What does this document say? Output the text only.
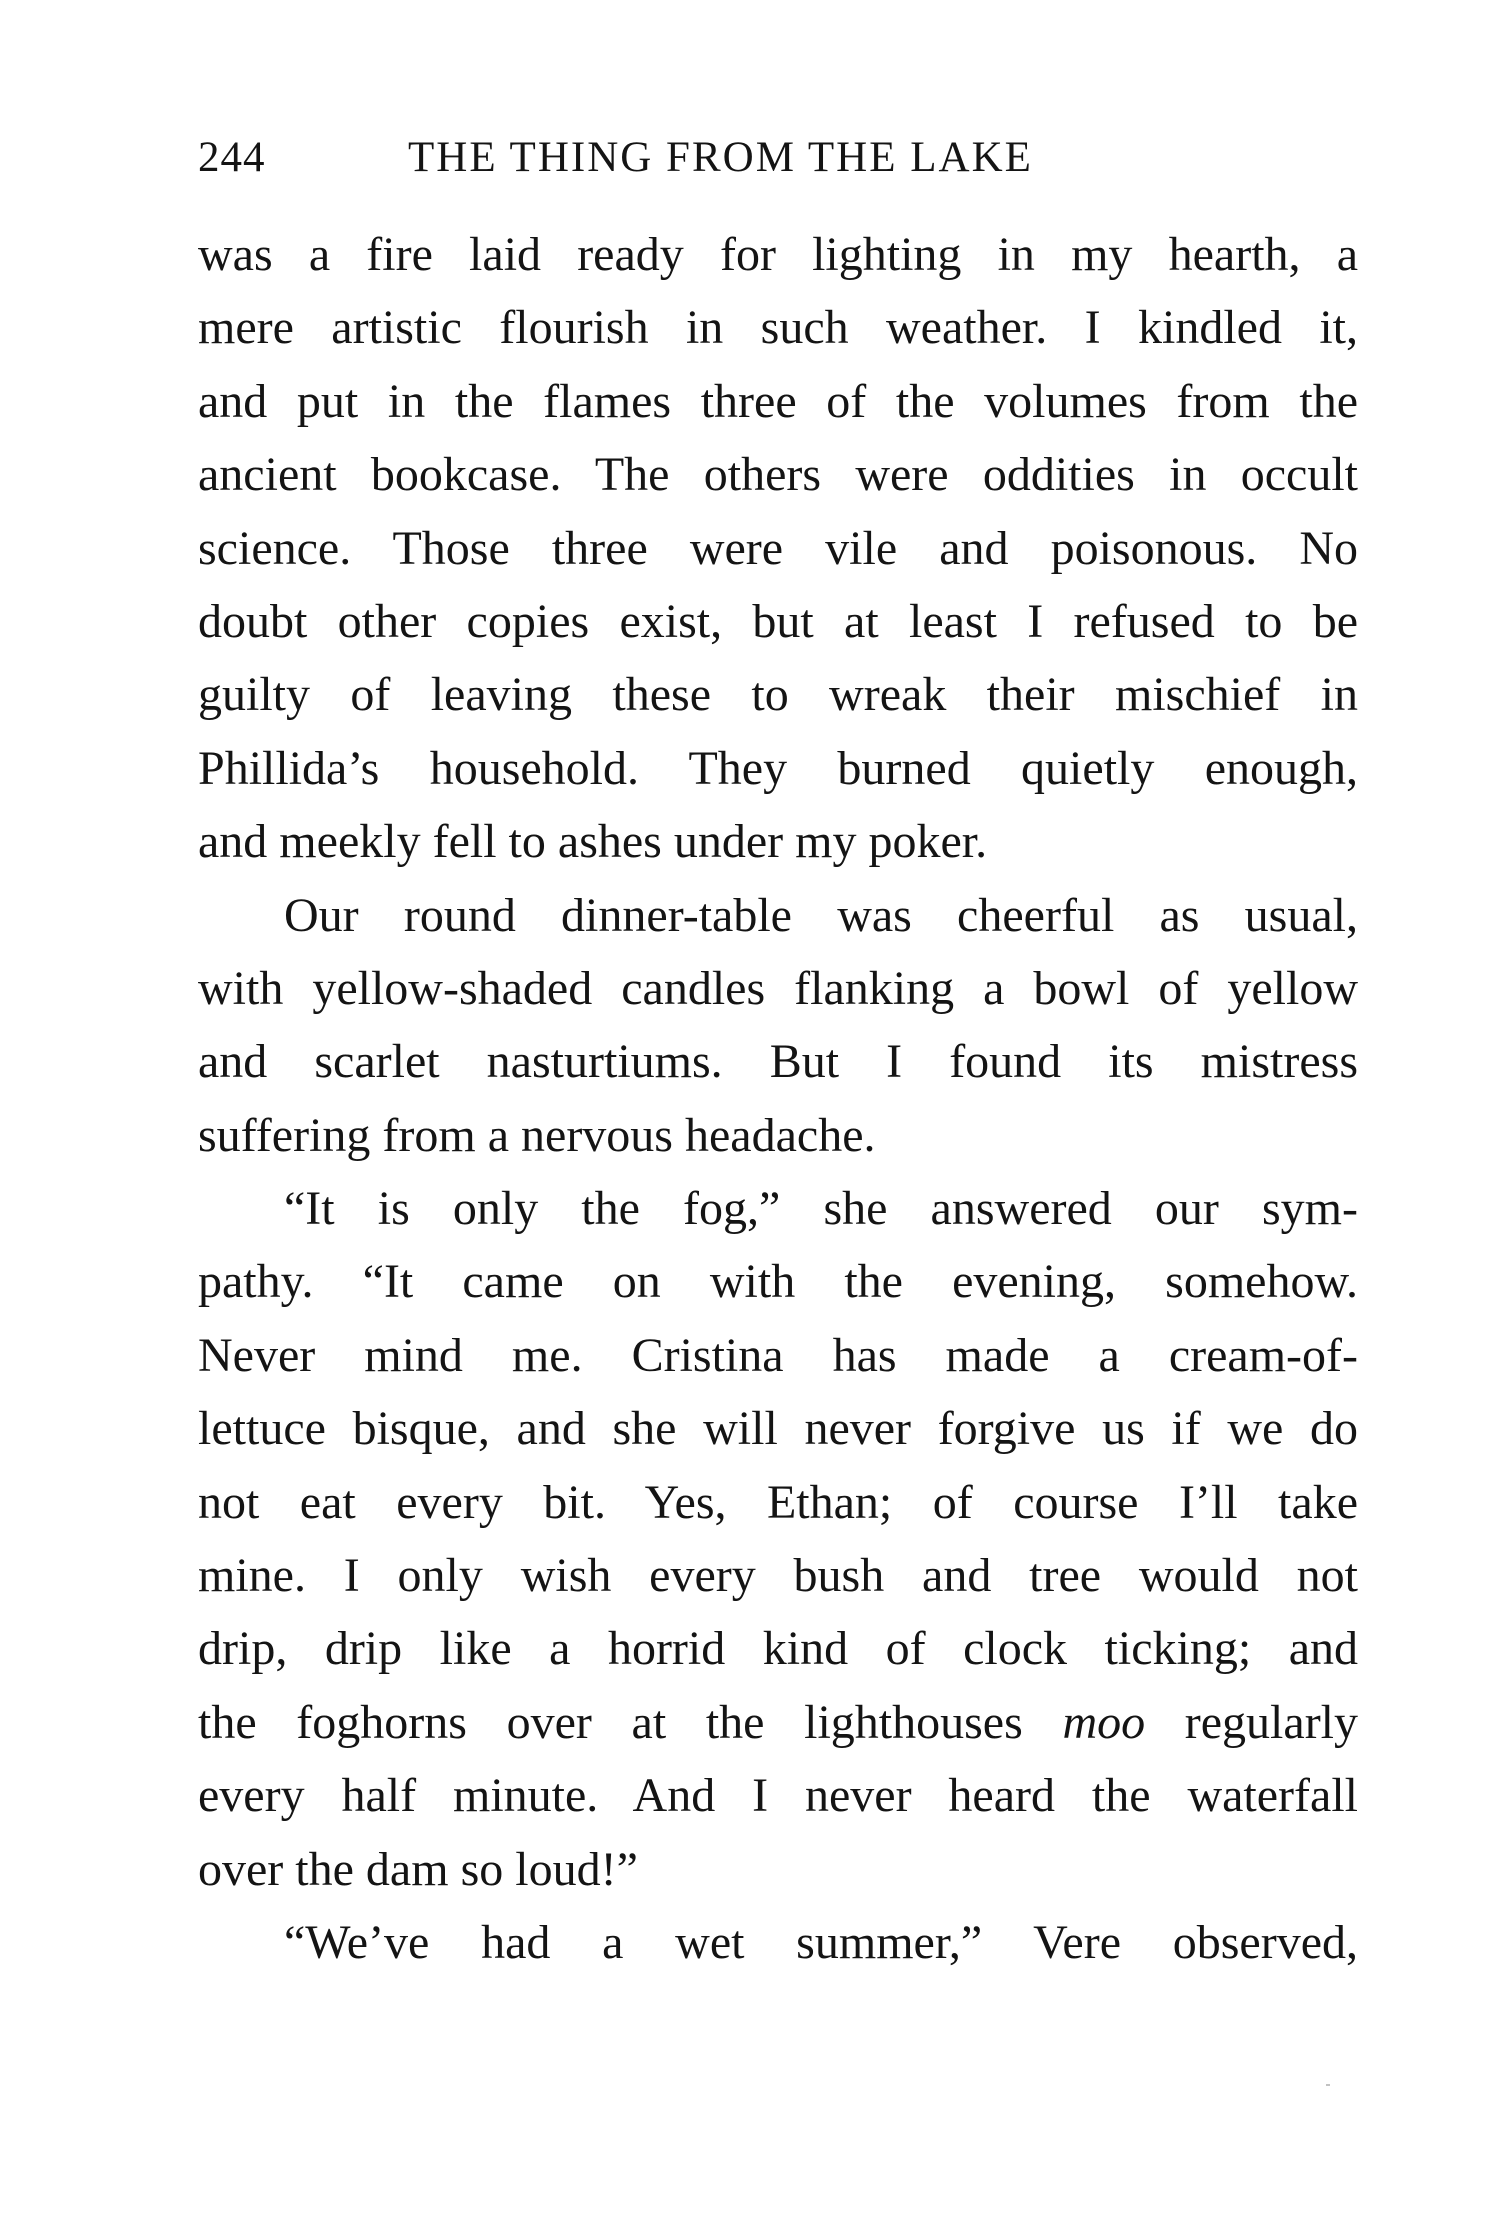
244	THE THING FROM THE LAKE
was a fire laid ready for lighting in my hearth, a
mere artistic flourish in such weather. I kindled it,
and put in the flames three of the volumes from the
ancient bookcase. The others were oddities in occult
science. Those three were vile and poisonous. No
doubt other copies exist, but at least I refused to be
guilty of leaving these to wreak their mischief in
Phillida’s household. They burned quietly enough,
and meekly fell to ashes under my poker.
Our round dinner-table was cheerful as usual,
with yellow-shaded candles flanking a bowl of yellow
and scarlet nasturtiums. But I found its mistress
suffering from a nervous headache.
“It is only the fog,” she answered our sym-
pathy. “It came on with the evening, somehow.
Never mind me. Cristina has made a cream-of-
lettuce bisque, and she will never forgive us if we do
not eat every bit. Yes, Ethan; of course I’ll take
mine. I only wish every bush and tree would not
drip, drip like a horrid kind of clock ticking; and
the foghorns over at the lighthouses moo regularly
every half minute. And I never heard the waterfall
over the dam so loud!”
“We’ve had a wet summer,” Vere observed,
